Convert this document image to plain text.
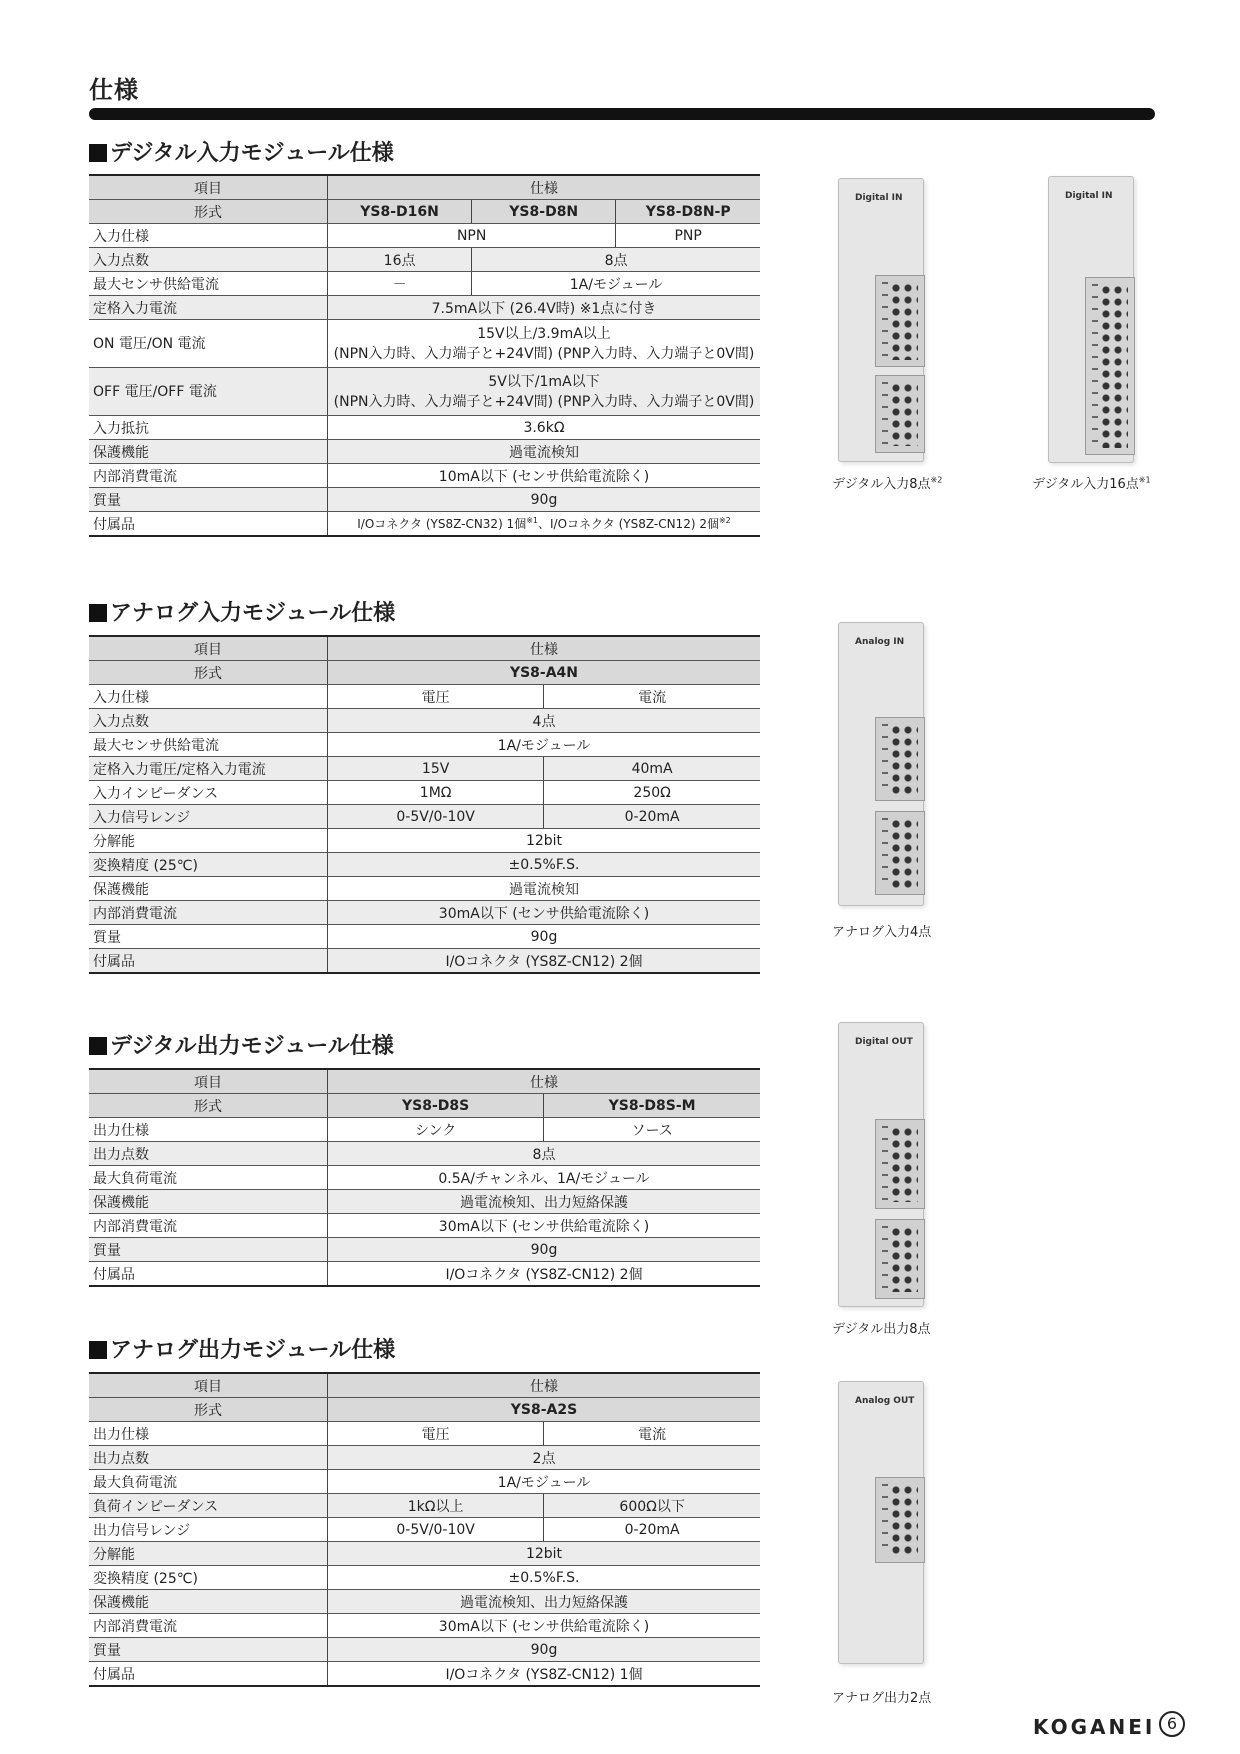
仕様
デジタル入力モジュール仕様
項目	仕様		
形式	YS8-D16N	YS8-D8N	YS8-D8N-P
入力仕様	NPN		PNP
入力点数	16点	8点	
最大センサ供給電流	－	1A/モジュール	
定格入力電流	7.5mA以下 (26.4V時) ※1点に付き		
ON 電圧/ON 電流	15V以上/3.9mA以上
(NPN入力時、入力端子と+24V間) (PNP入力時、入力端子と0V間)		

OFF 電圧/OFF 電流	5V以下/1mA以下
(NPN入力時、入力端子と+24V間) (PNP入力時、入力端子と0V間)		

入力抵抗	3.6kΩ		
保護機能	過電流検知		
内部消費電流	10mA以下 (センサ供給電流除く)		
質量	90g		
付属品	I/Oコネクタ (YS8Z-CN32) 1個$^{※1}$、I/Oコネクタ (YS8Z-CN12) 2個$^{※2}$
Digital IN
デジタル入力8点$^{※2}$
Digital IN
デジタル入力16点$^{※1}$
アナログ入力モジュール仕様
項目	仕様	
形式	YS8-A4N	
入力仕様	電圧	電流
入力点数	4点	
最大センサ供給電流	1A/モジュール	
定格入力電圧/定格入力電流	15V	40mA
入力インピーダンス	1MΩ	250Ω
入力信号レンジ	0-5V/0-10V	0-20mA
分解能	12bit	
変換精度 (25℃)	±0.5%F.S.	
保護機能	過電流検知	
内部消費電流	30mA以下 (センサ供給電流除く)	
質量	90g	
付属品	I/Oコネクタ (YS8Z-CN12) 2個	
Analog IN
アナログ入力4点
デジタル出力モジュール仕様
項目	仕様	
形式	YS8-D8S	YS8-D8S-M
出力仕様	シンク	ソース
出力点数	8点	
最大負荷電流	0.5A/チャンネル、1A/モジュール	
保護機能	過電流検知、出力短絡保護	
内部消費電流	30mA以下 (センサ供給電流除く)	
質量	90g	
付属品	I/Oコネクタ (YS8Z-CN12) 2個	
Digital OUT
デジタル出力8点
アナログ出力モジュール仕様
項目	仕様	
形式	YS8-A2S	
出力仕様	電圧	電流
出力点数	2点	
最大負荷電流	1A/モジュール	
負荷インピーダンス	1kΩ以上	600Ω以下
出力信号レンジ	0-5V/0-10V	0-20mA
分解能	12bit	
変換精度 (25℃)	±0.5%F.S.	
保護機能	過電流検知、出力短絡保護	
内部消費電流	30mA以下 (センサ供給電流除く)	
質量	90g	
付属品	I/Oコネクタ (YS8Z-CN12) 1個	
Analog OUT
アナログ出力2点
KOGANEI 6
